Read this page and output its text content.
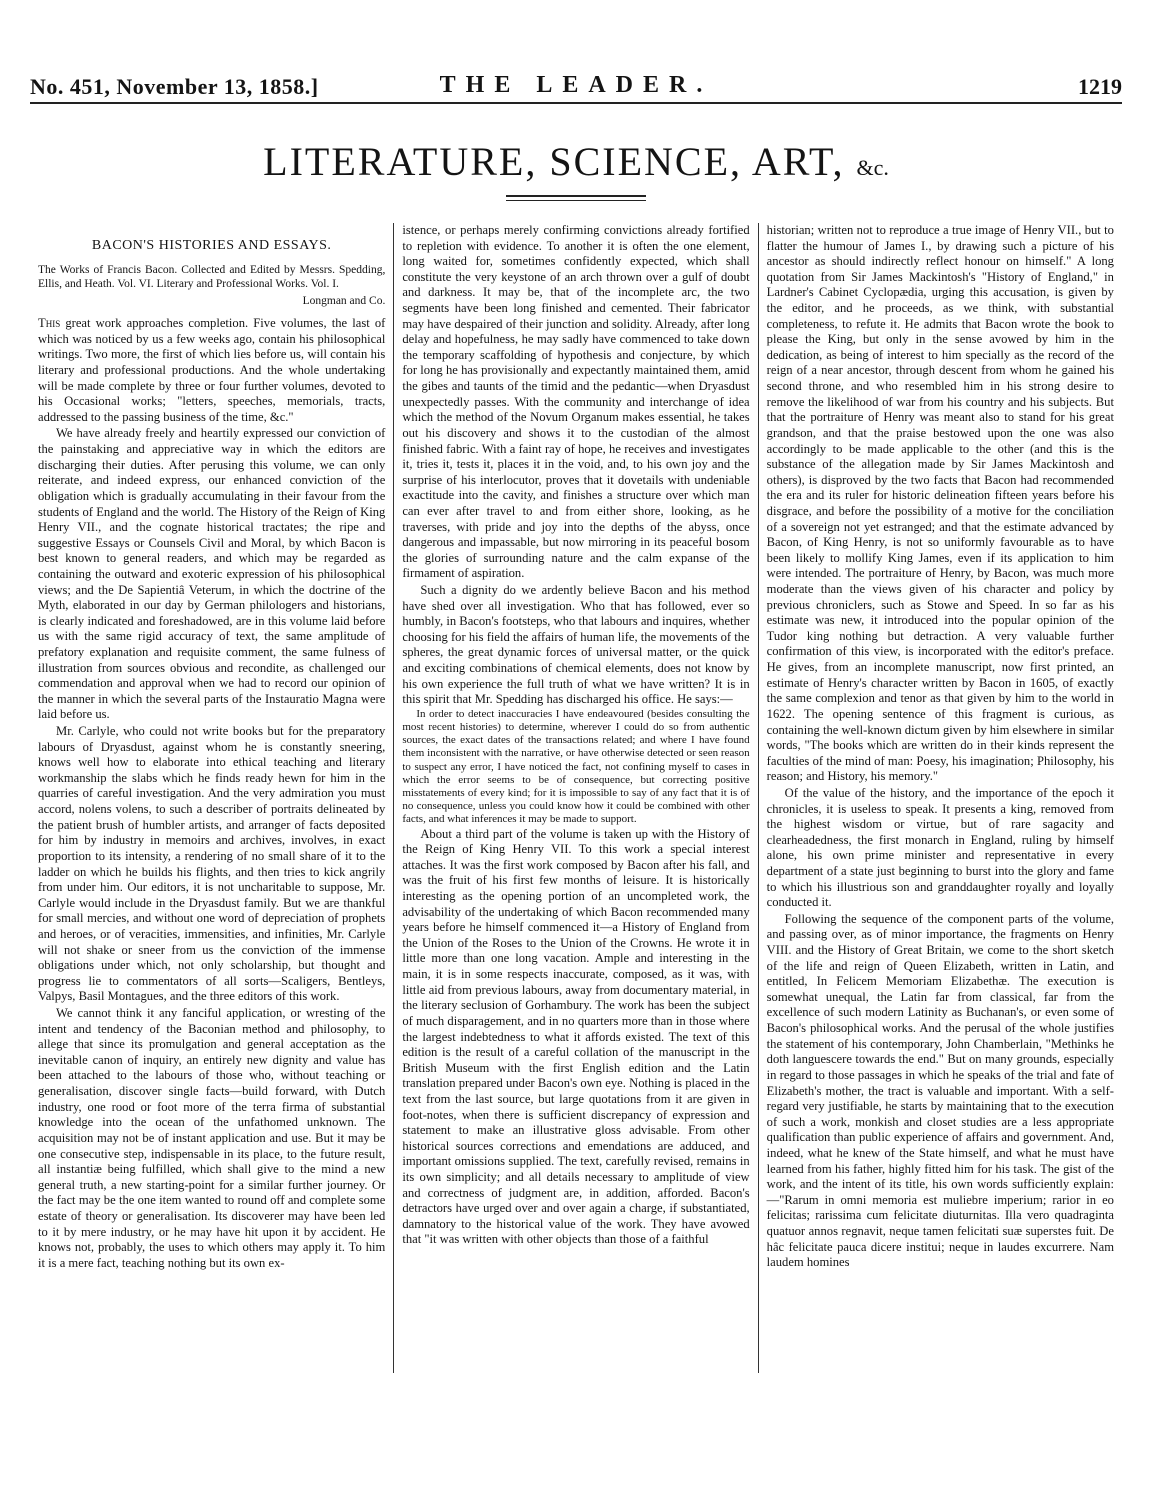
No. 451, November 13, 1858.]	THE LEADER.	1219
LITERATURE, SCIENCE, ART, &c.
BACON'S HISTORIES AND ESSAYS.

The Works of Francis Bacon. Collected and Edited by Messrs. Spedding, Ellis, and Heath. Vol. VI. Literary and Professional Works. Vol. I.

Longman and Co.

This great work approaches completion. Five volumes, the last of which was noticed by us a few weeks ago, contain his philosophical writings. Two more, the first of which lies before us, will contain his literary and professional productions. And the whole undertaking will be made complete by three or four further volumes, devoted to his Occasional works; "letters, speeches, memorials, tracts, addressed to the passing business of the time, &c."

We have already freely and heartily expressed our conviction of the painstaking and appreciative way in which the editors are discharging their duties. After perusing this volume, we can only reiterate, and indeed express, our enhanced conviction of the obligation which is gradually accumulating in their favour from the students of England and the world. The History of the Reign of King Henry VII., and the cognate historical tractates; the ripe and suggestive Essays or Counsels Civil and Moral, by which Bacon is best known to general readers, and which may be regarded as containing the outward and exoteric expression of his philosophical views; and the De Sapientiâ Veterum, in which the doctrine of the Myth, elaborated in our day by German philologers and historians, is clearly indicated and foreshadowed, are in this volume laid before us with the same rigid accuracy of text, the same amplitude of prefatory explanation and requisite comment, the same fulness of illustration from sources obvious and recondite, as challenged our commendation and approval when we had to record our opinion of the manner in which the several parts of the Instauratio Magna were laid before us.

Mr. Carlyle, who could not write books but for the preparatory labours of Dryasdust, against whom he is constantly sneering, knows well how to elaborate into ethical teaching and literary workmanship the slabs which he finds ready hewn for him in the quarries of careful investigation. And the very admiration you must accord, nolens volens, to such a describer of portraits delineated by the patient brush of humbler artists, and arranger of facts deposited for him by industry in memoirs and archives, involves, in exact proportion to its intensity, a rendering of no small share of it to the ladder on which he builds his flights, and then tries to kick angrily from under him. Our editors, it is not uncharitable to suppose, Mr. Carlyle would include in the Dryasdust family. But we are thankful for small mercies, and without one word of depreciation of prophets and heroes, or of veracities, immensities, and infinities, Mr. Carlyle will not shake or sneer from us the conviction of the immense obligations under which, not only scholarship, but thought and progress lie to commentators of all sorts—Scaligers, Bentleys, Valpys, Basil Montagues, and the three editors of this work.

We cannot think it any fanciful application, or wresting of the intent and tendency of the Baconian method and philosophy, to allege that since its promulgation and general acceptation as the inevitable canon of inquiry, an entirely new dignity and value has been attached to the labours of those who, without teaching or generalisation, discover single facts—build forward, with Dutch industry, one rood or foot more of the terra firma of substantial knowledge into the ocean of the unfathomed unknown. The acquisition may not be of instant application and use. But it may be one consecutive step, indispensable in its place, to the future result, all instantiæ being fulfilled, which shall give to the mind a new general truth, a new starting-point for a similar further journey. Or the fact may be the one item wanted to round off and complete some estate of theory or generalisation. Its discoverer may have been led to it by mere industry, or he may have hit upon it by accident. He knows not, probably, the uses to which others may apply it. To him it is a mere fact, teaching nothing but its own ex-

istence, or perhaps merely confirming convictions already fortified to repletion with evidence. To another it is often the one element, long waited for, sometimes confidently expected, which shall constitute the very keystone of an arch thrown over a gulf of doubt and darkness. It may be, that of the incomplete arc, the two segments have been long finished and cemented. Their fabricator may have despaired of their junction and solidity. Already, after long delay and hopefulness, he may sadly have commenced to take down the temporary scaffolding of hypothesis and conjecture, by which for long he has provisionally and expectantly maintained them, amid the gibes and taunts of the timid and the pedantic—when Dryasdust unexpectedly passes. With the community and interchange of idea which the method of the Novum Organum makes essential, he takes out his discovery and shows it to the custodian of the almost finished fabric. With a faint ray of hope, he receives and investigates it, tries it, tests it, places it in the void, and, to his own joy and the surprise of his interlocutor, proves that it dovetails with undeniable exactitude into the cavity, and finishes a structure over which man can ever after travel to and from either shore, looking, as he traverses, with pride and joy into the depths of the abyss, once dangerous and impassable, but now mirroring in its peaceful bosom the glories of surrounding nature and the calm expanse of the firmament of aspiration.

Such a dignity do we ardently believe Bacon and his method have shed over all investigation. Who that has followed, ever so humbly, in Bacon's footsteps, who that labours and inquires, whether choosing for his field the affairs of human life, the movements of the spheres, the great dynamic forces of universal matter, or the quick and exciting combinations of chemical elements, does not know by his own experience the full truth of what we have written? It is in this spirit that Mr. Spedding has discharged his office. He says:—

In order to detect inaccuracies I have endeavoured (besides consulting the most recent histories) to determine, wherever I could do so from authentic sources, the exact dates of the transactions related; and where I have found them inconsistent with the narrative, or have otherwise detected or seen reason to suspect any error, I have noticed the fact, not confining myself to cases in which the error seems to be of consequence, but correcting positive misstatements of every kind; for it is impossible to say of any fact that it is of no consequence, unless you could know how it could be combined with other facts, and what inferences it may be made to support.

About a third part of the volume is taken up with the History of the Reign of King Henry VII. To this work a special interest attaches. It was the first work composed by Bacon after his fall, and was the fruit of his first few months of leisure. It is historically interesting as the opening portion of an uncompleted work, the advisability of the undertaking of which Bacon recommended many years before he himself commenced it—a History of England from the Union of the Roses to the Union of the Crowns. He wrote it in little more than one long vacation. Ample and interesting in the main, it is in some respects inaccurate, composed, as it was, with little aid from previous labours, away from documentary material, in the literary seclusion of Gorhambury. The work has been the subject of much disparagement, and in no quarters more than in those where the largest indebtedness to what it affords existed. The text of this edition is the result of a careful collation of the manuscript in the British Museum with the first English edition and the Latin translation prepared under Bacon's own eye. Nothing is placed in the text from the last source, but large quotations from it are given in foot-notes, when there is sufficient discrepancy of expression and statement to make an illustrative gloss advisable. From other historical sources corrections and emendations are adduced, and important omissions supplied. The text, carefully revised, remains in its own simplicity; and all details necessary to amplitude of view and correctness of judgment are, in addition, afforded. Bacon's detractors have urged over and over again a charge, if substantiated, damnatory to the historical value of the work. They have avowed that "it was written with other objects than those of a faithful

historian; written not to reproduce a true image of Henry VII., but to flatter the humour of James I., by drawing such a picture of his ancestor as should indirectly reflect honour on himself." A long quotation from Sir James Mackintosh's "History of England," in Lardner's Cabinet Cyclopædia, urging this accusation, is given by the editor, and he proceeds, as we think, with substantial completeness, to refute it. He admits that Bacon wrote the book to please the King, but only in the sense avowed by him in the dedication, as being of interest to him specially as the record of the reign of a near ancestor, through descent from whom he gained his second throne, and who resembled him in his strong desire to remove the likelihood of war from his country and his subjects. But that the portraiture of Henry was meant also to stand for his great grandson, and that the praise bestowed upon the one was also accordingly to be made applicable to the other (and this is the substance of the allegation made by Sir James Mackintosh and others), is disproved by the two facts that Bacon had recommended the era and its ruler for historic delineation fifteen years before his disgrace, and before the possibility of a motive for the conciliation of a sovereign not yet estranged; and that the estimate advanced by Bacon, of King Henry, is not so uniformly favourable as to have been likely to mollify King James, even if its application to him were intended. The portraiture of Henry, by Bacon, was much more moderate than the views given of his character and policy by previous chroniclers, such as Stowe and Speed. In so far as his estimate was new, it introduced into the popular opinion of the Tudor king nothing but detraction. A very valuable further confirmation of this view, is incorporated with the editor's preface. He gives, from an incomplete manuscript, now first printed, an estimate of Henry's character written by Bacon in 1605, of exactly the same complexion and tenor as that given by him to the world in 1622. The opening sentence of this fragment is curious, as containing the well-known dictum given by him elsewhere in similar words, "The books which are written do in their kinds represent the faculties of the mind of man: Poesy, his imagination; Philosophy, his reason; and History, his memory."

Of the value of the history, and the importance of the epoch it chronicles, it is useless to speak. It presents a king, removed from the highest wisdom or virtue, but of rare sagacity and clearheadedness, the first monarch in England, ruling by himself alone, his own prime minister and representative in every department of a state just beginning to burst into the glory and fame to which his illustrious son and granddaughter royally and loyally conducted it.

Following the sequence of the component parts of the volume, and passing over, as of minor importance, the fragments on Henry VIII. and the History of Great Britain, we come to the short sketch of the life and reign of Queen Elizabeth, written in Latin, and entitled, In Felicem Memoriam Elizabethæ. The execution is somewhat unequal, the Latin far from classical, far from the excellence of such modern Latinity as Buchanan's, or even some of Bacon's philosophical works. And the perusal of the whole justifies the statement of his contemporary, John Chamberlain, "Methinks he doth languescere towards the end." But on many grounds, especially in regard to those passages in which he speaks of the trial and fate of Elizabeth's mother, the tract is valuable and important. With a self-regard very justifiable, he starts by maintaining that to the execution of such a work, monkish and closet studies are a less appropriate qualification than public experience of affairs and government. And, indeed, what he knew of the State himself, and what he must have learned from his father, highly fitted him for his task. The gist of the work, and the intent of its title, his own words sufficiently explain:—"Rarum in omni memoria est muliebre imperium; rarior in eo felicitas; rarissima cum felicitate diuturnitas. Illa vero quadraginta quatuor annos regnavit, neque tamen felicitati suæ superstes fuit. De hâc felicitate pauca dicere institui; neque in laudes excurrere. Nam laudem homines
